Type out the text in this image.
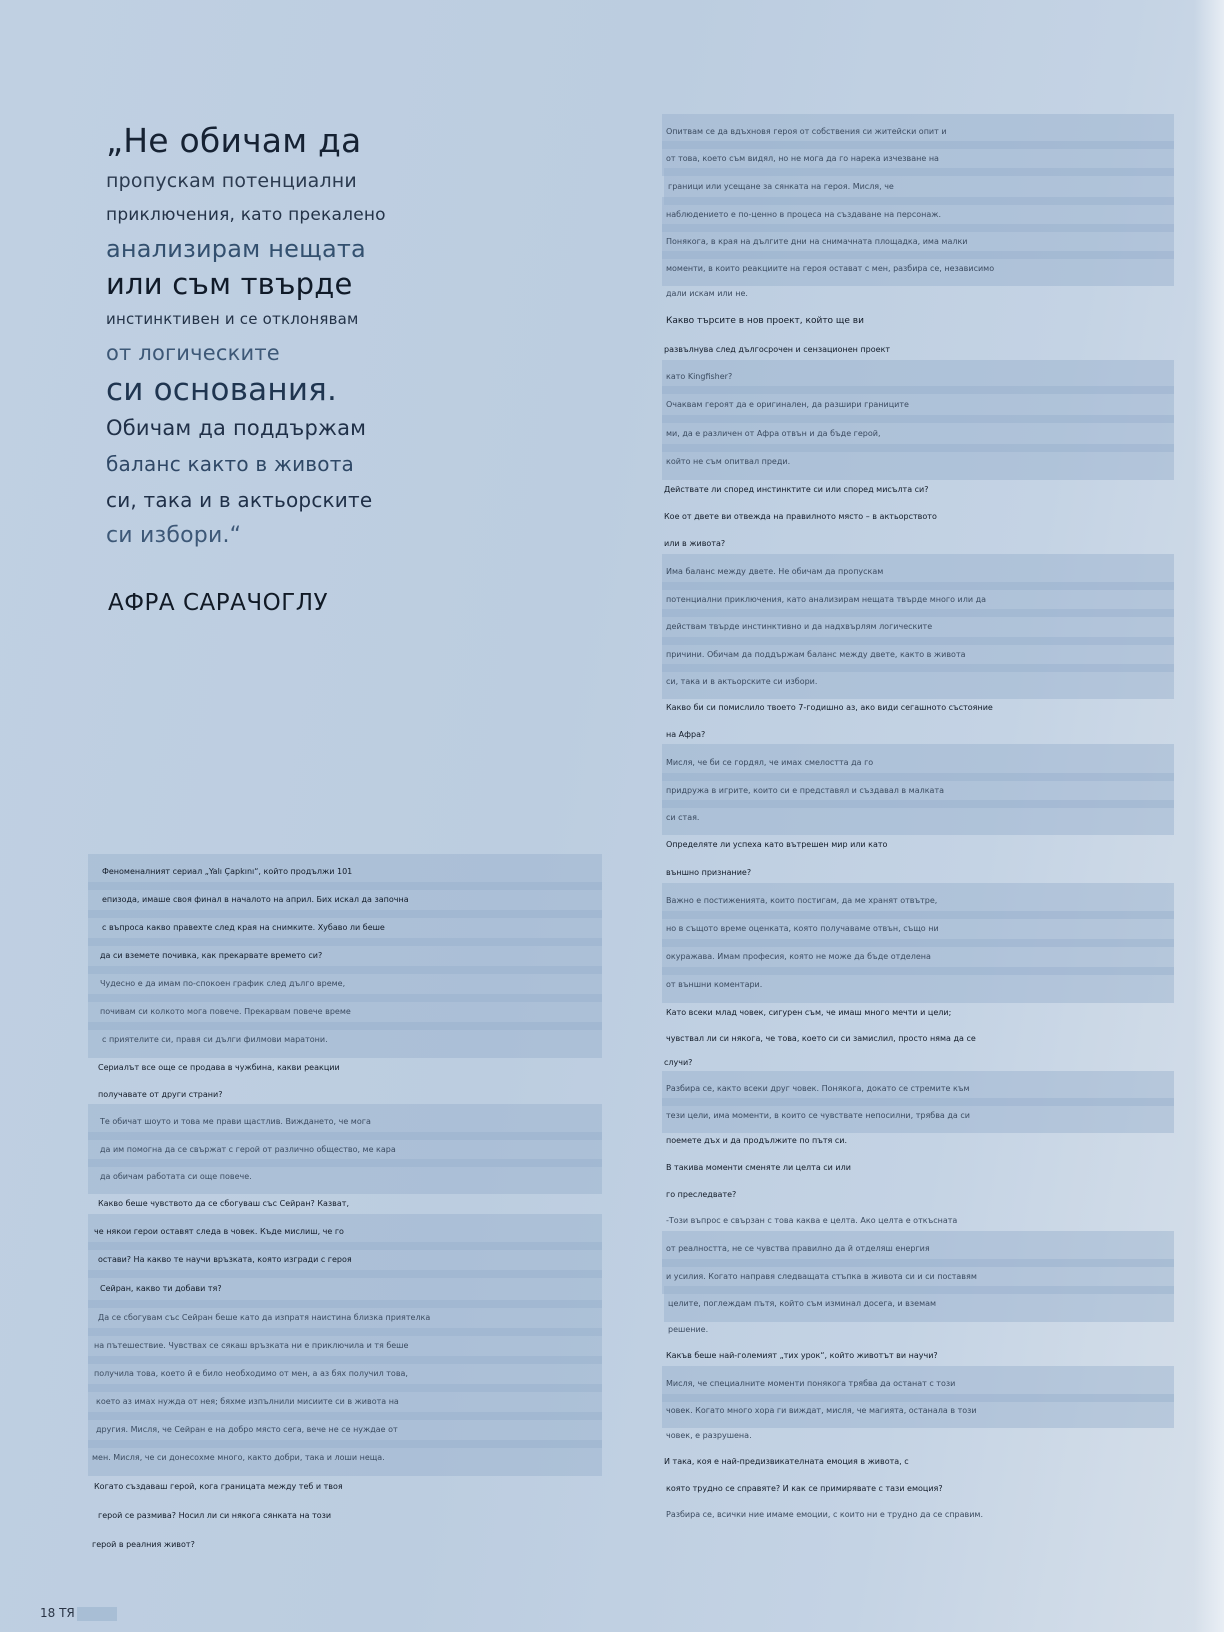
„Не обичам да
пропускам потенциални
приключения, като прекалено
анализирам нещата
или съм твърде
инстинктивен и се отклонявам
от логическите
си основания.
Обичам да поддържам
баланс както в живота
си, така и в актьорските
си избори.“
АФРА САРАЧОГЛУ
Феноменалният сериал „Yalı Çapkını“, който продължи 101
епизода, имаше своя финал в началото на април. Бих искал да започна
с въпроса какво правехте след края на снимките. Хубаво ли беше
да си вземете почивка, как прекарвате времето си?
Чудесно е да имам по-спокоен график след дълго време,
почивам си колкото мога повече. Прекарвам повече време
с приятелите си, правя си дълги филмови маратони.
Сериалът все още се продава в чужбина, какви реакции
получавате от други страни?
Те обичат шоуто и това ме прави щастлив. Виждането, че мога
да им помогна да се свържат с герой от различно общество, ме кара
да обичам работата си още повече.
Какво беше чувството да се сбогуваш със Сейран? Казват,
че някои герои оставят следа в човек. Къде мислиш, че го
остави? На какво те научи връзката, която изгради с героя
Сейран, какво ти добави тя?
Да се сбогувам със Сейран беше като да изпратя наистина близка приятелка
на пътешествие. Чувствах се сякаш връзката ни е приключила и тя беше
получила това, което й е било необходимо от мен, а аз бях получил това,
което аз имах нужда от нея; бяхме изпълнили мисиите си в живота на
другия. Мисля, че Сейран е на добро място сега, вече не се нуждае от
мен. Мисля, че си донесохме много, както добри, така и лоши неща.
Когато създаваш герой, кога границата между теб и твоя
герой се размива? Носил ли си някога сянката на този
герой в реалния живот?
Опитвам се да вдъхновя героя от собствения си житейски опит и
от това, което съм видял, но не мога да го нарека изчезване на
граници или усещане за сянката на героя. Мисля, че
наблюдението е по-ценно в процеса на създаване на персонаж.
Понякога, в края на дългите дни на снимачната площадка, има малки
моменти, в които реакциите на героя остават с мен, разбира се, независимо
дали искам или не.
Какво търсите в нов проект, който ще ви
развълнува след дългосрочен и сензационен проект
като Kingfisher?
Очаквам героят да е оригинален, да разшири границите
ми, да е различен от Афра отвън и да бъде герой,
който не съм опитвал преди.
Действате ли според инстинктите си или според мисълта си?
Кое от двете ви отвежда на правилното място – в актьорството
или в живота?
Има баланс между двете. Не обичам да пропускам
потенциални приключения, като анализирам нещата твърде много или да
действам твърде инстинктивно и да надхвърлям логическите
причини. Обичам да поддържам баланс между двете, както в живота
си, така и в актьорските си избори.
Какво би си помислило твоето 7-годишно аз, ако види сегашното състояние
на Афра?
Мисля, че би се гордял, че имах смелостта да го
придружа в игрите, които си е представял и създавал в малката
си стая.
Определяте ли успеха като вътрешен мир или като
външно признание?
Важно е постиженията, които постигам, да ме хранят отвътре,
но в същото време оценката, която получаваме отвън, също ни
окуражава. Имам професия, която не може да бъде отделена
от външни коментари.
Като всеки млад човек, сигурен съм, че имаш много мечти и цели;
чувствал ли си някога, че това, което си си замислил, просто няма да се
случи?
Разбира се, както всеки друг човек. Понякога, докато се стремите към
тези цели, има моменти, в които се чувствате непосилни, трябва да си
поемете дъх и да продължите по пътя си.
В такива моменти сменяте ли целта си или
го преследвате?
-Този въпрос е свързан с това каква е целта. Ако целта е откъсната
от реалността, не се чувства правилно да й отделяш енергия
и усилия. Когато направя следващата стъпка в живота си и си поставям
целите, поглеждам пътя, който съм изминал досега, и вземам
решение.
Какъв беше най-големият „тих урок“, който животът ви научи?
Мисля, че специалните моменти понякога трябва да останат с този
човек. Когато много хора ги виждат, мисля, че магията, останала в този
човек, е разрушена.
И така, коя е най-предизвикателната емоция в живота, с
която трудно се справяте? И как се примирявате с тази емоция?
Разбира се, всички ние имаме емоции, с които ни е трудно да се справим.
18 ТЯ
